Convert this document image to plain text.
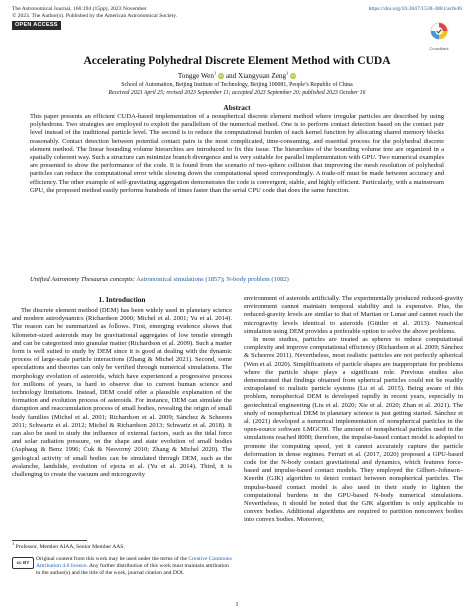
The Astronomical Journal, 166:194 (15pp), 2023 November
© 2023. The Author(s). Published by the American Astronomical Society.
OPEN ACCESS
https://doi.org/10.3847/1538-3881/acfe46
CrossMark
Accelerating Polyhedral Discrete Element Method with CUDA
Tongge Wen$^1$ iD and Xiangyuan Zeng$^1$ iD
School of Automation, Beijing Institute of Technology, Beijing 100081, People’s Republic of China
Received 2023 April 25; revised 2023 September 11; accepted 2023 September 20; published 2023 October 16
Abstract

This paper presents an efficient CUDA-based implementation of a nonspherical discrete element method where irregular particles are described by using polyhedrons. Two strategies are employed to exploit the parallelism of the numerical method. One is to perform contact detection based on the contact pair level instead of the traditional particle level. The second is to reduce the computational burden of each kernel function by allocating shared memory blocks reasonably. Contact detection between potential contact pairs is the most complicated, time-consuming, and essential process for the polyhedral discrete element method. The linear bounding volume hierarchies are introduced to fix this issue. The hierarchies of the bounding volume tree are organized in a spatially coherent way. Such a structure can minimize branch divergence and is very suitable for parallel implementation with GPU. Two numerical examples are presented to show the performance of the code. It is found from the scenario of two-sphere collision that improving the mesh resolution of polyhedral particles can reduce the computational error while slowing down the computational speed correspondingly. A trade-off must be made between accuracy and efficiency. The other example of self-gravitating aggregation demonstrates the code is convergent, stable, and highly efficient. Particularly, with a mainstream GPU, the proposed method easily performs hundreds of times faster than the serial CPU code that does the same function.

Unified Astronomy Thesaurus concepts: Astronomical simulations (1857); N-body problem (1082)

1. Introduction

The discrete element method (DEM) has been widely used in planetary science and modern astrodynamics (Richardson 2000; Michel et al. 2001; Yu et al. 2014). The reason can be summarized as follows. First, emerging evidence shows that kilometer-sized asteroids may be gravitational aggregates of low tensile strength and can be categorized into granular matter (Richardson et al. 2009). Such a matter form is well suited to study by DEM since it is good at dealing with the dynamic process of large-scale particle interactions (Zhang & Michel 2021). Second, some speculations and theories can only be verified through numerical simulations. The morphology evolution of asteroids, which have experienced a progressive process for millions of years, is hard to observe due to current human science and technology limitations. Instead, DEM could offer a plausible explanation of the formation and evolution process of asteroids. For instance, DEM can simulate the disruption and reaccumulation process of small bodies, revealing the origin of small body families (Michel et al. 2001; Richardson et al. 2009; Sánchez & Scheeres 2011; Schwartz et al. 2012; Michel & Richardson 2013; Schwartz et al. 2018). It can also be used to study the influence of external factors, such as the tidal force and solar radiation pressure, on the shape and state evolution of small bodies (Asphaug & Benz 1996; Ćuk & Nesvorný 2010; Zhang & Michel 2020). The geological activity of small bodies can be simulated through DEM, such as the avalanche, landslide, evolution of ejecta et al. (Yu et al. 2014). Third, it is challenging to create the vacuum and microgravity

environment of asteroids artificially. The experimentally produced reduced-gravity environment cannot maintain temporal stability and is expensive. Plus, the reduced-gravity levels are similar to that of Martian or Lunar and cannot reach the microgravity levels identical to asteroids (Güttler et al. 2013). Numerical simulation using DEM provides a preferable option to solve the above problems.

In most studies, particles are treated as spheres to reduce computational complexity and improve computational efficiency (Richardson et al. 2009; Sánchez & Scheeres 2011). Nevertheless, most realistic particles are not perfectly spherical (Wen et al. 2020). Simplifications of particle shapes are inappropriate for problems where the particle shape plays a significant role. Previous studies also demonstrated that findings obtained from spherical particles could not be readily extrapolated to realistic particle systems (Lu et al. 2015). Being aware of this problem, nonspherical DEM is developed rapidly in recent years, especially in geotechnical engineering (Liu et al. 2020; Xie et al. 2020; Zhan et al. 2021). The study of nonspherical DEM in planetary science is just getting started. Sánchez et al. (2021) developed a numerical implementation of nonspherical particles in the open-source software LMGC90. The amount of nonspherical particles used in the simulations reached 8000; therefore, the impulse-based contact model is adopted to promote the computing speed, yet it cannot accurately capture the particle deformation in dense regimes. Ferrari et al. (2017, 2020) proposed a GPU-based code for the N-body contact gravitational and dynamics, which features force-based and impulse-based contact models. They employed the Gilbert–Johnson–Keerthi (GJK) algorithm to detect contact between nonspherical particles. The impulse-based contact model is also used in their study to lighten the computational burdens in the GPU-based N-body numerical simulations. Nevertheless, it should be noted that the GJK algorithm is only applicable to convex bodies. Additional algorithms are required to partition nonconvex bodies into convex bodies. Moreover,

$^1$ Professor, Member AIAA, Senior Member AAS.
cc BY
Original content from this work may be used under the terms of the Creative Commons Attribution 4.0 licence. Any further distribution of this work must maintain attribution to the author(s) and the title of the work, journal citation and DOI.
1
